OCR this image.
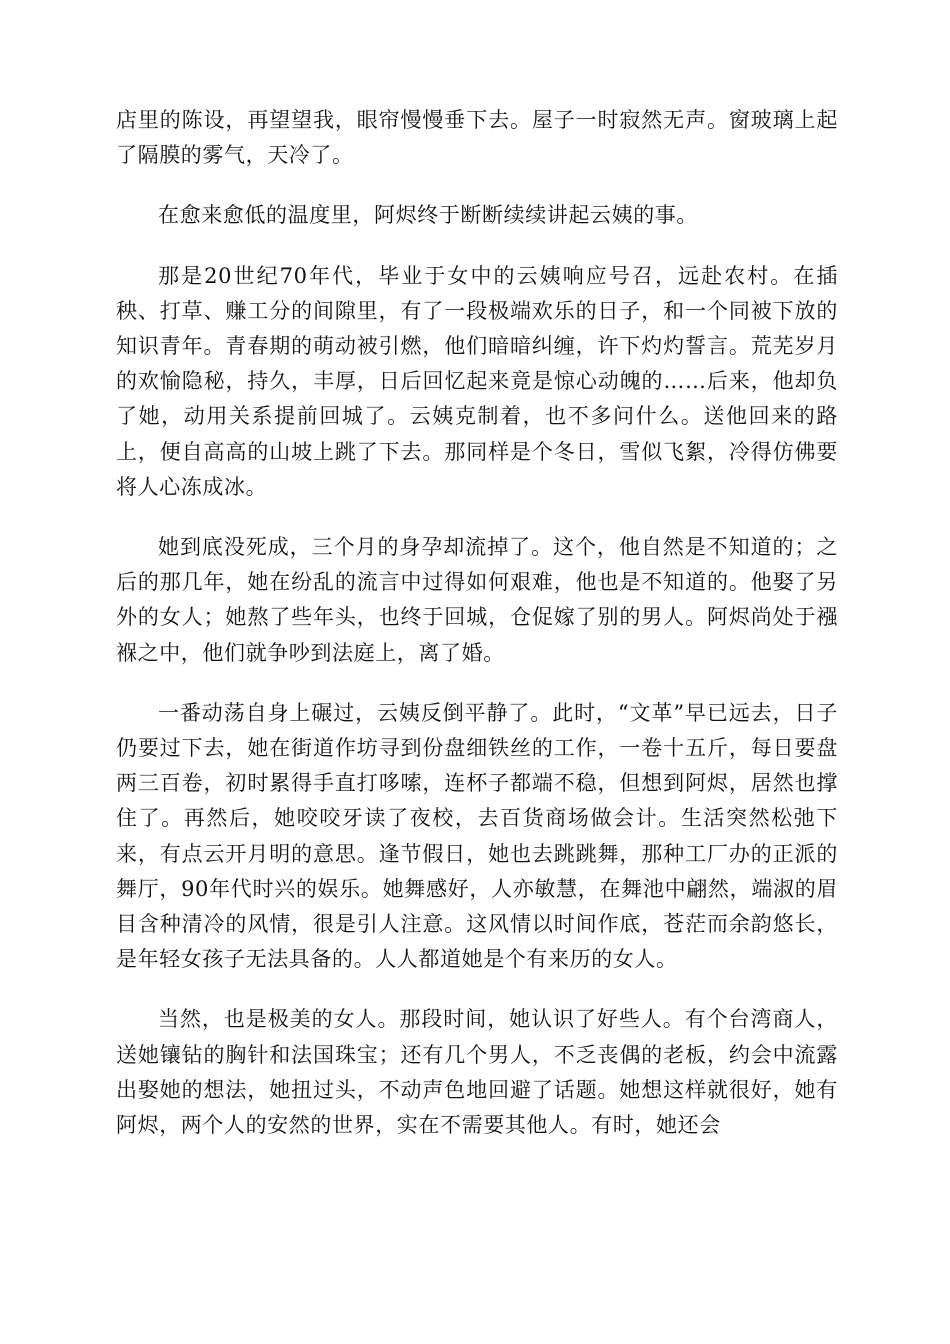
店里的陈设，再望望我，眼帘慢慢垂下去。屋子一时寂然无声。窗玻璃上起了隔膜的雾气，天冷了。

在愈来愈低的温度里，阿烬终于断断续续讲起云姨的事。

那是20世纪70年代，毕业于女中的云姨响应号召，远赴农村。在插秧、打草、赚工分的间隙里，有了一段极端欢乐的日子，和一个同被下放的知识青年。青春期的萌动被引燃，他们暗暗纠缠，许下灼灼誓言。荒芜岁月的欢愉隐秘，持久，丰厚，日后回忆起来竟是惊心动魄的……后来，他却负了她，动用关系提前回城了。云姨克制着，也不多问什么。送他回来的路上，便自高高的山坡上跳了下去。那同样是个冬日，雪似飞絮，冷得仿佛要将人心冻成冰。

她到底没死成，三个月的身孕却流掉了。这个，他自然是不知道的；之后的那几年，她在纷乱的流言中过得如何艰难，他也是不知道的。他娶了另外的女人；她熬了些年头，也终于回城，仓促嫁了别的男人。阿烬尚处于襁褓之中，他们就争吵到法庭上，离了婚。

一番动荡自身上碾过，云姨反倒平静了。此时，“文革”早已远去，日子仍要过下去，她在街道作坊寻到份盘细铁丝的工作，一卷十五斤，每日要盘两三百卷，初时累得手直打哆嗦，连杯子都端不稳，但想到阿烬，居然也撑住了。再然后，她咬咬牙读了夜校，去百货商场做会计。生活突然松弛下来，有点云开月明的意思。逢节假日，她也去跳跳舞，那种工厂办的正派的舞厅，90年代时兴的娱乐。她舞感好，人亦敏慧，在舞池中翩然，端淑的眉目含种清冷的风情，很是引人注意。这风情以时间作底，苍茫而余韵悠长，是年轻女孩子无法具备的。人人都道她是个有来历的女人。

当然，也是极美的女人。那段时间，她认识了好些人。有个台湾商人，送她镶钻的胸针和法国珠宝；还有几个男人，不乏丧偶的老板，约会中流露出娶她的想法，她扭过头，不动声色地回避了话题。她想这样就很好，她有阿烬，两个人的安然的世界，实在不需要其他人。有时，她还会
